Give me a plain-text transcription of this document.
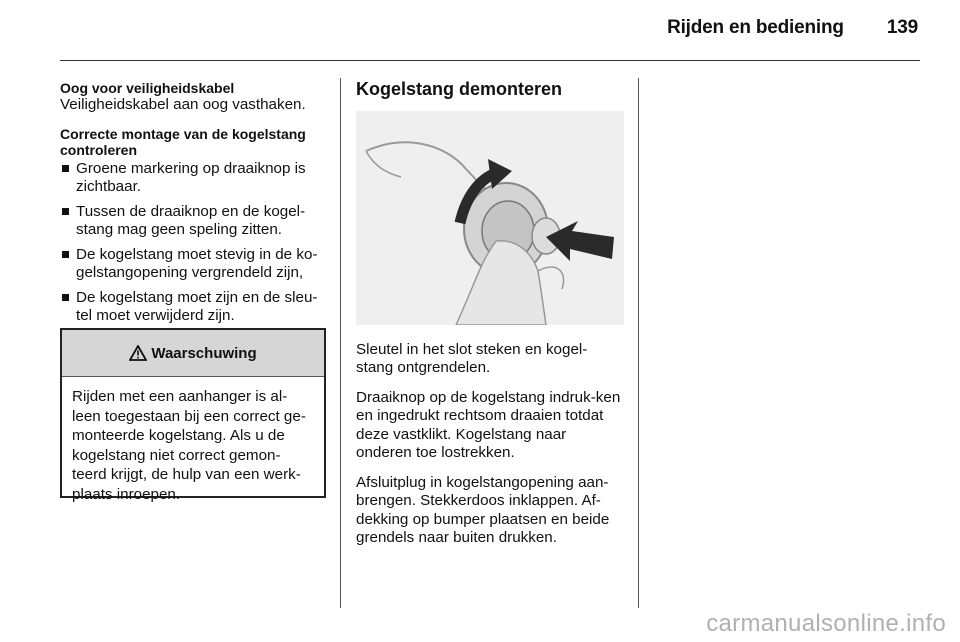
Rijden en bediening 139
Oog voor veiligheidskabel
Veiligheidskabel aan oog vasthaken.
Correcte montage van de kogelstang controleren
Groene markering op draaiknop is zichtbaar.
Tussen de draaiknop en de kogel-stang mag geen speling zitten.
De kogelstang moet stevig in de ko-gelstangopening vergrendeld zijn,
De kogelstang moet zijn en de sleu-tel moet verwijderd zijn.
Waarschuwing
Rijden met een aanhanger is al-leen toegestaan bij een correct ge-monteerde kogelstang. Als u de kogelstang niet correct gemon-teerd krijgt, de hulp van een werk-plaats inroepen.
Kogelstang demonteren
Sleutel in het slot steken en kogel-stang ontgrendelen.
Draaiknop op de kogelstang indruk-ken en ingedrukt rechtsom draaien totdat deze vastklikt. Kogelstang naar onderen toe lostrekken.
Afsluitplug in kogelstangopening aan-brengen. Stekkerdoos inklappen. Af-dekking op bumper plaatsen en beide grendels naar buiten drukken.
carmanualsonline.info
